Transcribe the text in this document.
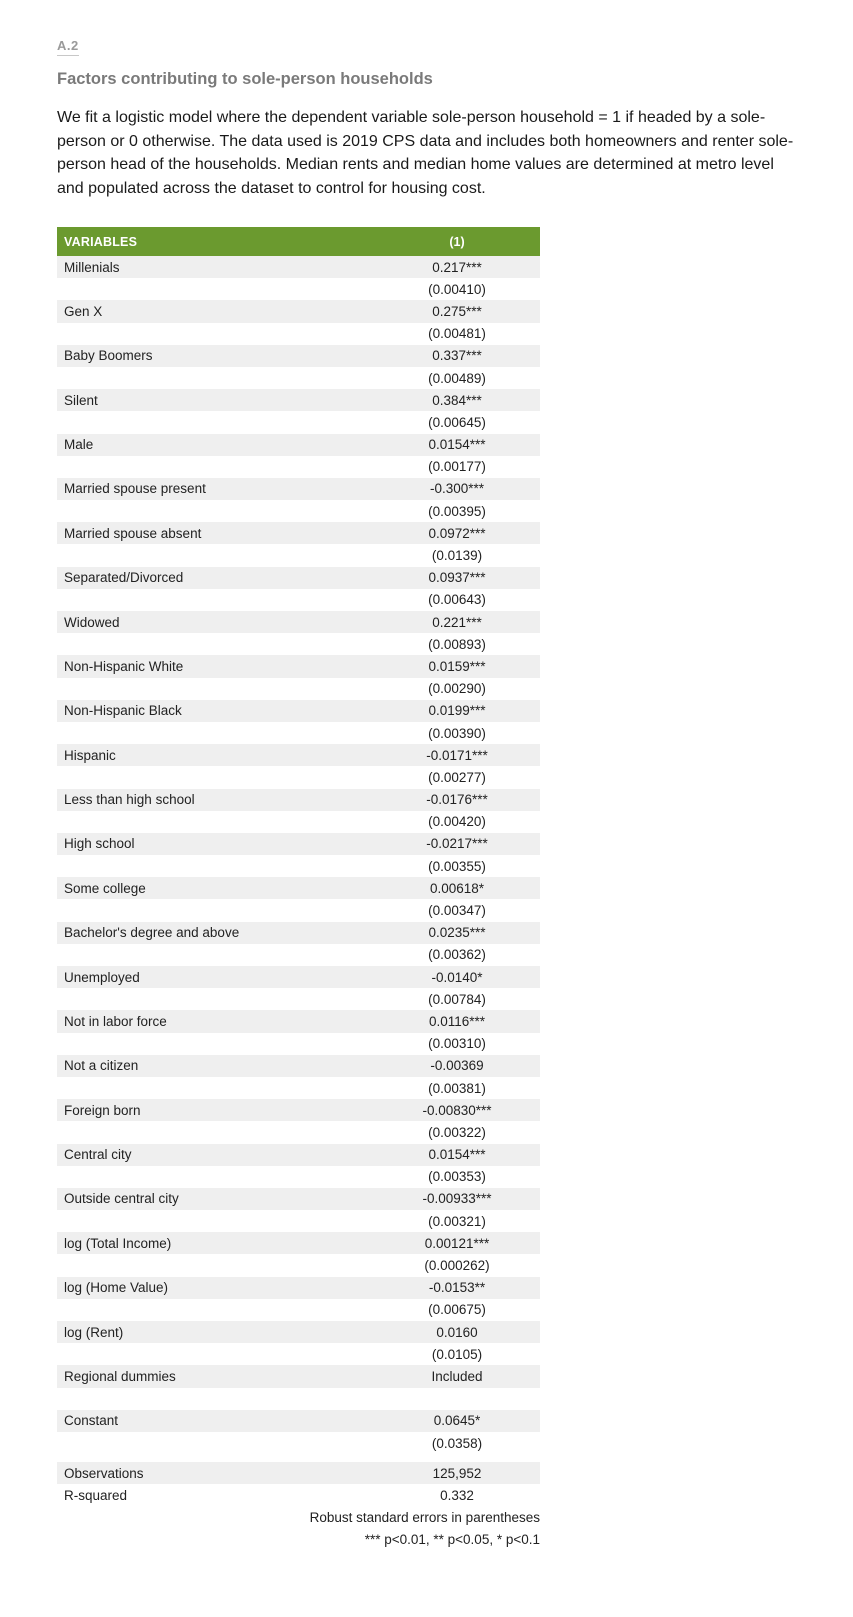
A.2
Factors contributing to sole-person households
We fit a logistic model where the dependent variable sole-person household = 1 if headed by a sole-person or 0 otherwise. The data used is 2019 CPS data and includes both homeowners and renter sole-person head of the households. Median rents and median home values are determined at metro level and populated across the dataset to control for housing cost.
VARIABLES	(1)
Millenials	0.217***
(0.00410)
Gen X	0.275***
(0.00481)
Baby Boomers	0.337***
(0.00489)
Silent	0.384***
(0.00645)
Male	0.0154***
(0.00177)
Married spouse present	-0.300***
(0.00395)
Married spouse absent	0.0972***
(0.0139)
Separated/Divorced	0.0937***
(0.00643)
Widowed	0.221***
(0.00893)
Non-Hispanic White	0.0159***
(0.00290)
Non-Hispanic Black	0.0199***
(0.00390)
Hispanic	-0.0171***
(0.00277)
Less than high school	-0.0176***
(0.00420)
High school	-0.0217***
(0.00355)
Some college	0.00618*
(0.00347)
Bachelor's degree and above	0.0235***
(0.00362)
Unemployed	-0.0140*
(0.00784)
Not in labor force	0.0116***
(0.00310)
Not a citizen	-0.00369
(0.00381)
Foreign born	-0.00830***
(0.00322)
Central city	0.0154***
(0.00353)
Outside central city	-0.00933***
(0.00321)
log (Total Income)	0.00121***
(0.000262)
log (Home Value)	-0.0153**
(0.00675)
log (Rent)	0.0160
(0.0105)
Regional dummies	Included
Constant	0.0645*
(0.0358)
Observations	125,952
R-squared	0.332
Robust standard errors in parentheses
*** p<0.01, ** p<0.05, * p<0.1
